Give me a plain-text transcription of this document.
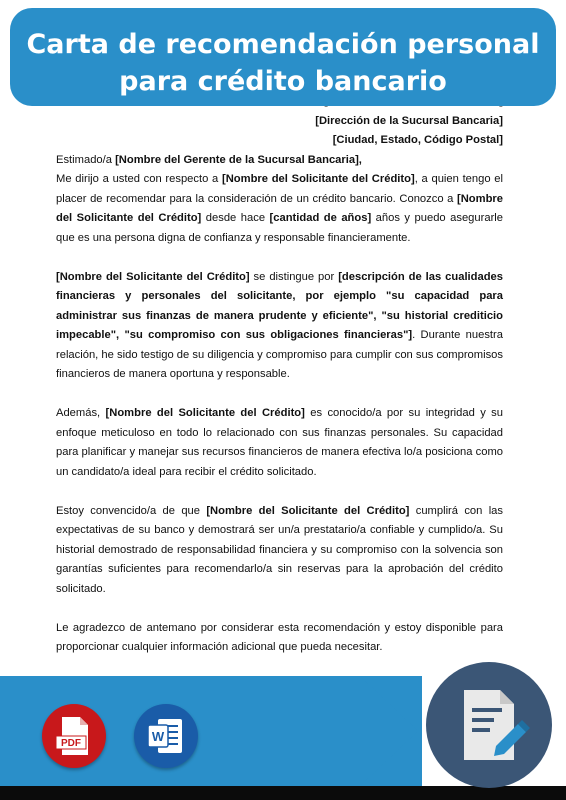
Carta de recomendación personal
para crédito bancario
[Dirección de la Sucursal Bancaria]
[Ciudad, Estado, Código Postal]

Estimado/a [Nombre del Gerente de la Sucursal Bancaria],

Me dirijo a usted con respecto a [Nombre del Solicitante del Crédito], a quien tengo el placer de recomendar para la consideración de un crédito bancario. Conozco a [Nombre del Solicitante del Crédito] desde hace [cantidad de años] años y puedo asegurarle que es una persona digna de confianza y responsable financieramente.

[Nombre del Solicitante del Crédito] se distingue por [descripción de las cualidades financieras y personales del solicitante, por ejemplo "su capacidad para administrar sus finanzas de manera prudente y eficiente", "su historial crediticio impecable", "su compromiso con sus obligaciones financieras"]. Durante nuestra relación, he sido testigo de su diligencia y compromiso para cumplir con sus compromisos financieros de manera oportuna y responsable.

Además, [Nombre del Solicitante del Crédito] es conocido/a por su integridad y su enfoque meticuloso en todo lo relacionado con sus finanzas personales. Su capacidad para planificar y manejar sus recursos financieros de manera efectiva lo/a posiciona como un candidato/a ideal para recibir el crédito solicitado.

Estoy convencido/a de que [Nombre del Solicitante del Crédito] cumplirá con las expectativas de su banco y demostrará ser un/a prestatario/a confiable y cumplido/a. Su historial demostrado de responsabilidad financiera y su compromiso con la solvencia son garantías suficientes para recomendarlo/a sin reservas para la aprobación del crédito solicitado.

Le agradezco de antemano por considerar esta recomendación y estoy disponible para proporcionar cualquier información adicional que pueda necesitar.

PDF	W
